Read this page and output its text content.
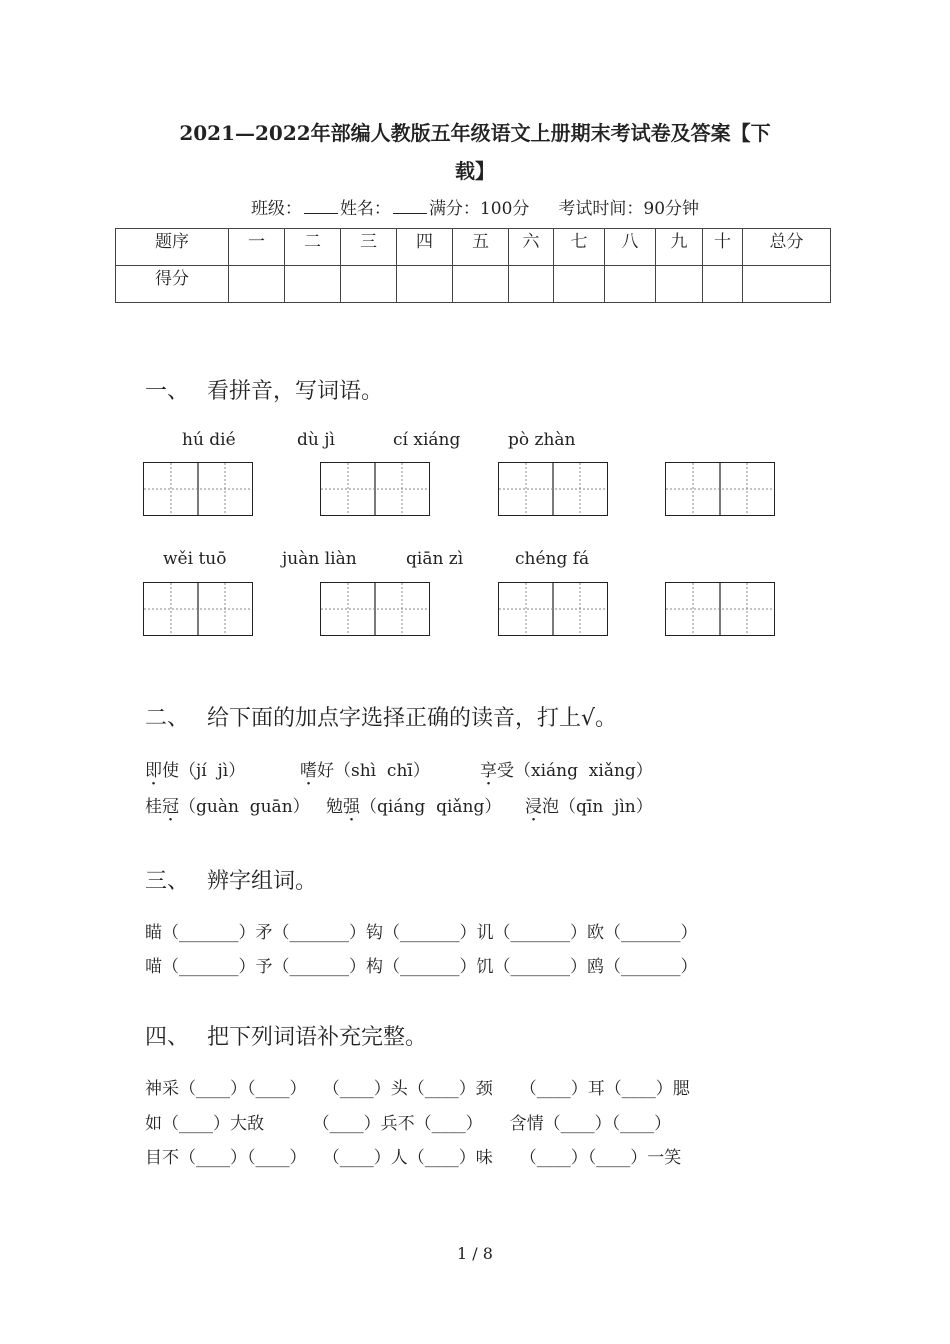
2021—2022年部编人教版五年级语文上册期末考试卷及答案【下
载】
班级： 姓名： 满分：100分 考试时间：90分钟
题序	一	二	三	四	五	六	七	八	九	十	总分
得分											
一、 看拼音，写词语。
hú dié	dù jì	cí xiáng	pò zhàn
wěi tuō	juàn liàn	qiān zì	chéng fá
二、 给下面的加点字选择正确的读音，打上√。
即使（jí  jì）	嗜好（shì  chī）	享受（xiáng  xiǎng）
桂冠（guàn  guān） 勉强（qiáng  qiǎng） 浸泡（qīn  jìn）
三、 辨字组词。
瞄（_______）矛（_______）钩（_______）讥（_______）欧（_______）
喵（_______）予（_______）构（_______）饥（_______）鸥（_______）
四、 把下列词语补充完整。
神采（____）（____）   （____）头（____）颈     （____）耳（____）腮
如（____）大敌         （____）兵不（____）     含情（____）（____）
目不（____）（____）   （____）人（____）味     （____）（____）一笑
1 / 8
